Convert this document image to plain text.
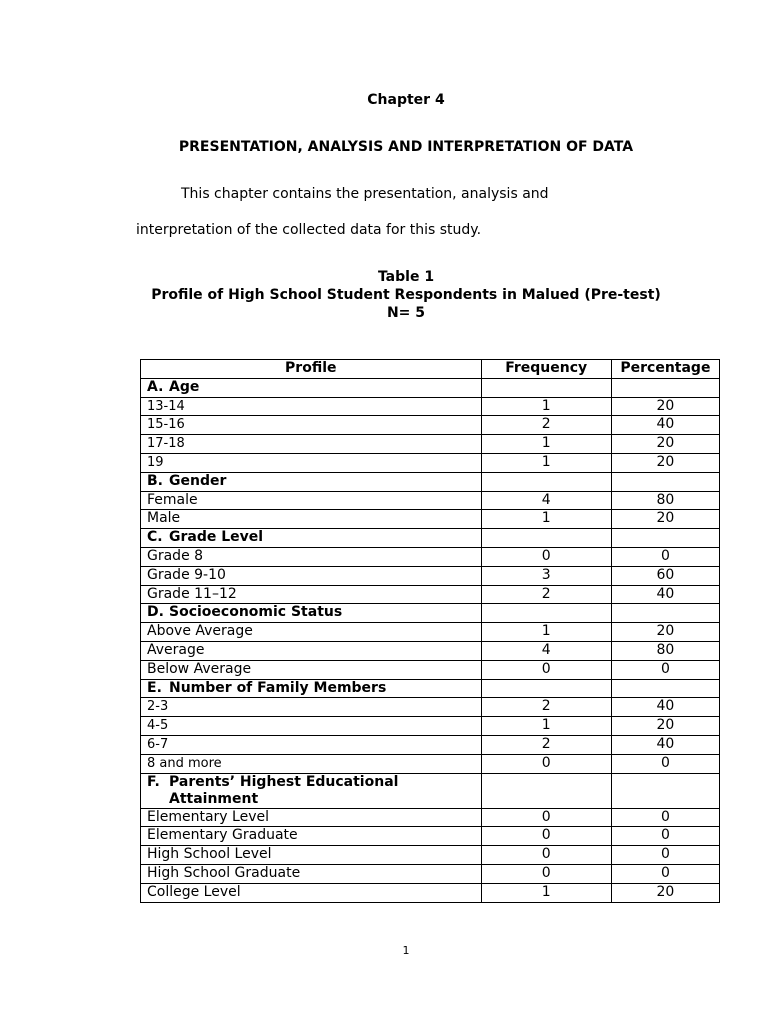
Chapter 4
PRESENTATION, ANALYSIS AND INTERPRETATION OF DATA
This chapter contains the presentation, analysis and
interpretation of the collected data for this study.
Table 1
Profile of High School Student Respondents in Malued (Pre-test)
N= 5
Profile	Frequency	Percentage
A. Age		
13-14	1	20
15-16	2	40
17-18	1	20
19	1	20
B. Gender		
Female	4	80
Male	1	20
C. Grade Level		
Grade 8	0	0
Grade 9-10	3	60
Grade 11–12	2	40
D. Socioeconomic Status		
Above Average	1	20
Average	4	80
Below Average	0	0
E. Number of Family Members		
2-3	2	40
4-5	1	20
6-7	2	40
8 and more	0	0
F. Parents’ Highest Educational Attainment		
Elementary Level	0	0
Elementary Graduate	0	0
High School Level	0	0
High School Graduate	0	0
College Level	1	20
1
